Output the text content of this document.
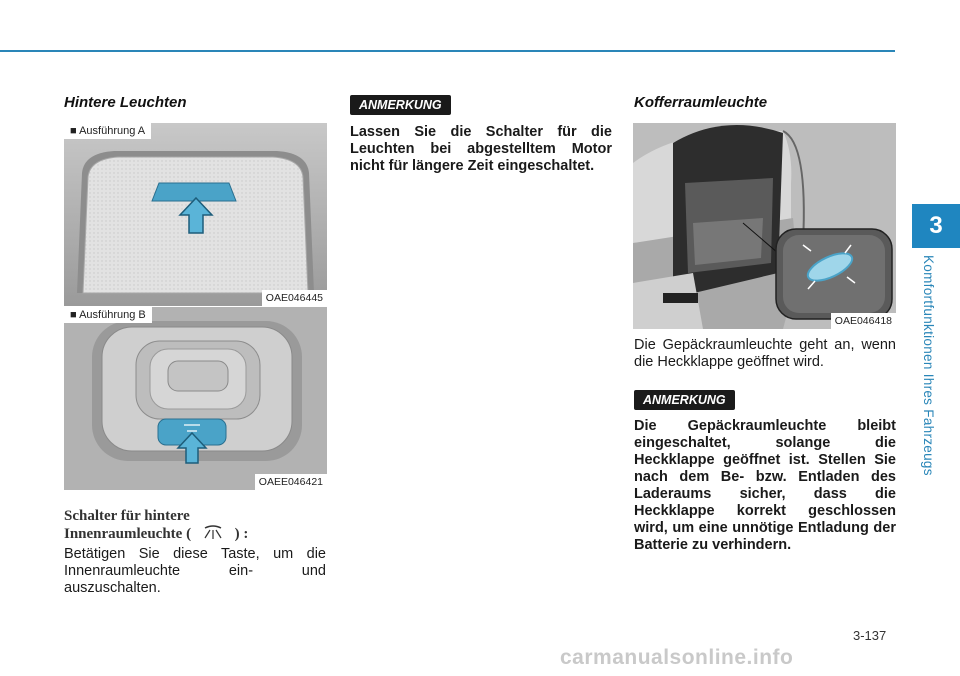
3
Komfortfunktionen Ihres Fahrzeugs
Hintere Leuchten
■ Ausführung A
OAE046445
■ Ausführung B
OAEE046421

Schalter für hintere
Innenraumleuchte (	) :

Betätigen Sie diese Taste, um die Innenraumleuchte ein- und auszuschalten.

ANMERKUNG

Lassen Sie die Schalter für die Leuchten bei abgestelltem Motor nicht für längere Zeit eingeschaltet.

Kofferraumleuchte
OAE046418

Die Gepäckraumleuchte geht an, wenn die Heckklappe geöffnet wird.

ANMERKUNG

Die Gepäckraumleuchte bleibt eingeschaltet, solange die Heckklappe geöffnet ist. Stellen Sie nach dem Be- bzw. Entladen des Laderaums sicher, dass die Heckklappe korrekt geschlossen wird, um eine unnötige Entladung der Batterie zu verhindern.

3-137
carmanualsonline.info
